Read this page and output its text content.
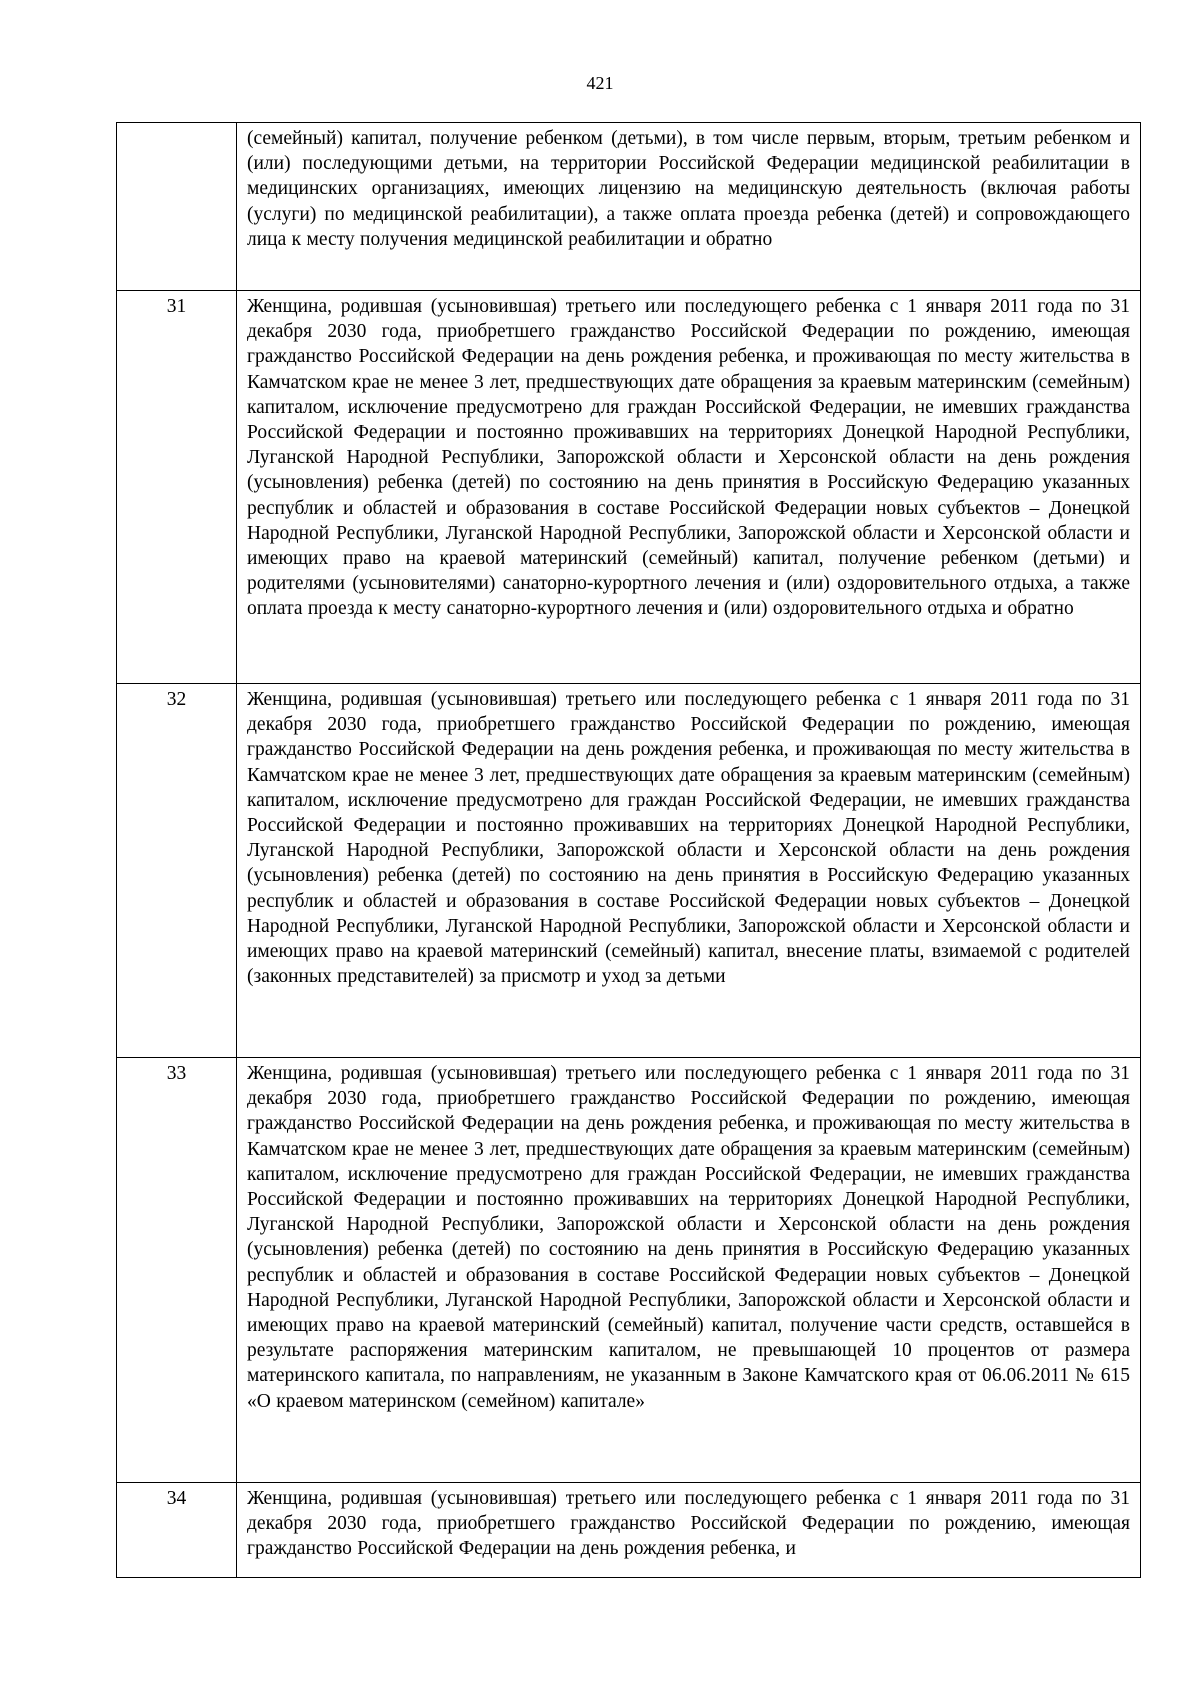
421
	(семейный) капитал, получение ребенком (детьми), в том числе первым, вторым, третьим ребенком и (или) последующими детьми, на территории Российской Федерации медицинской реабилитации в медицинских организациях, имеющих лицензию на медицинскую деятельность (включая работы (услуги) по медицинской реабилитации), а также оплата проезда ребенка (детей) и сопровождающего лица к месту получения медицинской реабилитации и обратно
31	Женщина, родившая (усыновившая) третьего или последующего ребенка с 1 января 2011 года по 31 декабря 2030 года, приобретшего гражданство Российской Федерации по рождению, имеющая гражданство Российской Федерации на день рождения ребенка, и проживающая по месту жительства в Камчатском крае не менее 3 лет, предшествующих дате обращения за краевым материнским (семейным) капиталом, исключение предусмотрено для граждан Российской Федерации, не имевших гражданства Российской Федерации и постоянно проживавших на территориях Донецкой Народной Республики, Луганской Народной Республики, Запорожской области и Херсонской области на день рождения (усыновления) ребенка (детей) по состоянию на день принятия в Российскую Федерацию указанных республик и областей и образования в составе Российской Федерации новых субъектов – Донецкой Народной Республики, Луганской Народной Республики, Запорожской области и Херсонской области и имеющих право на краевой материнский (семейный) капитал, получение ребенком (детьми) и родителями (усыновителями) санаторно-курортного лечения и (или) оздоровительного отдыха, а также оплата проезда к месту санаторно-курортного лечения и (или) оздоровительного отдыха и обратно
32	Женщина, родившая (усыновившая) третьего или последующего ребенка с 1 января 2011 года по 31 декабря 2030 года, приобретшего гражданство Российской Федерации по рождению, имеющая гражданство Российской Федерации на день рождения ребенка, и проживающая по месту жительства в Камчатском крае не менее 3 лет, предшествующих дате обращения за краевым материнским (семейным) капиталом, исключение предусмотрено для граждан Российской Федерации, не имевших гражданства Российской Федерации и постоянно проживавших на территориях Донецкой Народной Республики, Луганской Народной Республики, Запорожской области и Херсонской области на день рождения (усыновления) ребенка (детей) по состоянию на день принятия в Российскую Федерацию указанных республик и областей и образования в составе Российской Федерации новых субъектов – Донецкой Народной Республики, Луганской Народной Республики, Запорожской области и Херсонской области и имеющих право на краевой материнский (семейный) капитал, внесение платы, взимаемой с родителей (законных представителей) за присмотр и уход за детьми
33	Женщина, родившая (усыновившая) третьего или последующего ребенка с 1 января 2011 года по 31 декабря 2030 года, приобретшего гражданство Российской Федерации по рождению, имеющая гражданство Российской Федерации на день рождения ребенка, и проживающая по месту жительства в Камчатском крае не менее 3 лет, предшествующих дате обращения за краевым материнским (семейным) капиталом, исключение предусмотрено для граждан Российской Федерации, не имевших гражданства Российской Федерации и постоянно проживавших на территориях Донецкой Народной Республики, Луганской Народной Республики, Запорожской области и Херсонской области на день рождения (усыновления) ребенка (детей) по состоянию на день принятия в Российскую Федерацию указанных республик и областей и образования в составе Российской Федерации новых субъектов – Донецкой Народной Республики, Луганской Народной Республики, Запорожской области и Херсонской области и имеющих право на краевой материнский (семейный) капитал, получение части средств, оставшейся в результате распоряжения материнским капиталом, не превышающей 10 процентов от размера материнского капитала, по направлениям, не указанным в Законе Камчатского края от 06.06.2011 № 615 «О краевом материнском (семейном) капитале»
34	Женщина, родившая (усыновившая) третьего или последующего ребенка с 1 января 2011 года по 31 декабря 2030 года, приобретшего гражданство Российской Федерации по рождению, имеющая гражданство Российской Федерации на день рождения ребенка, и
